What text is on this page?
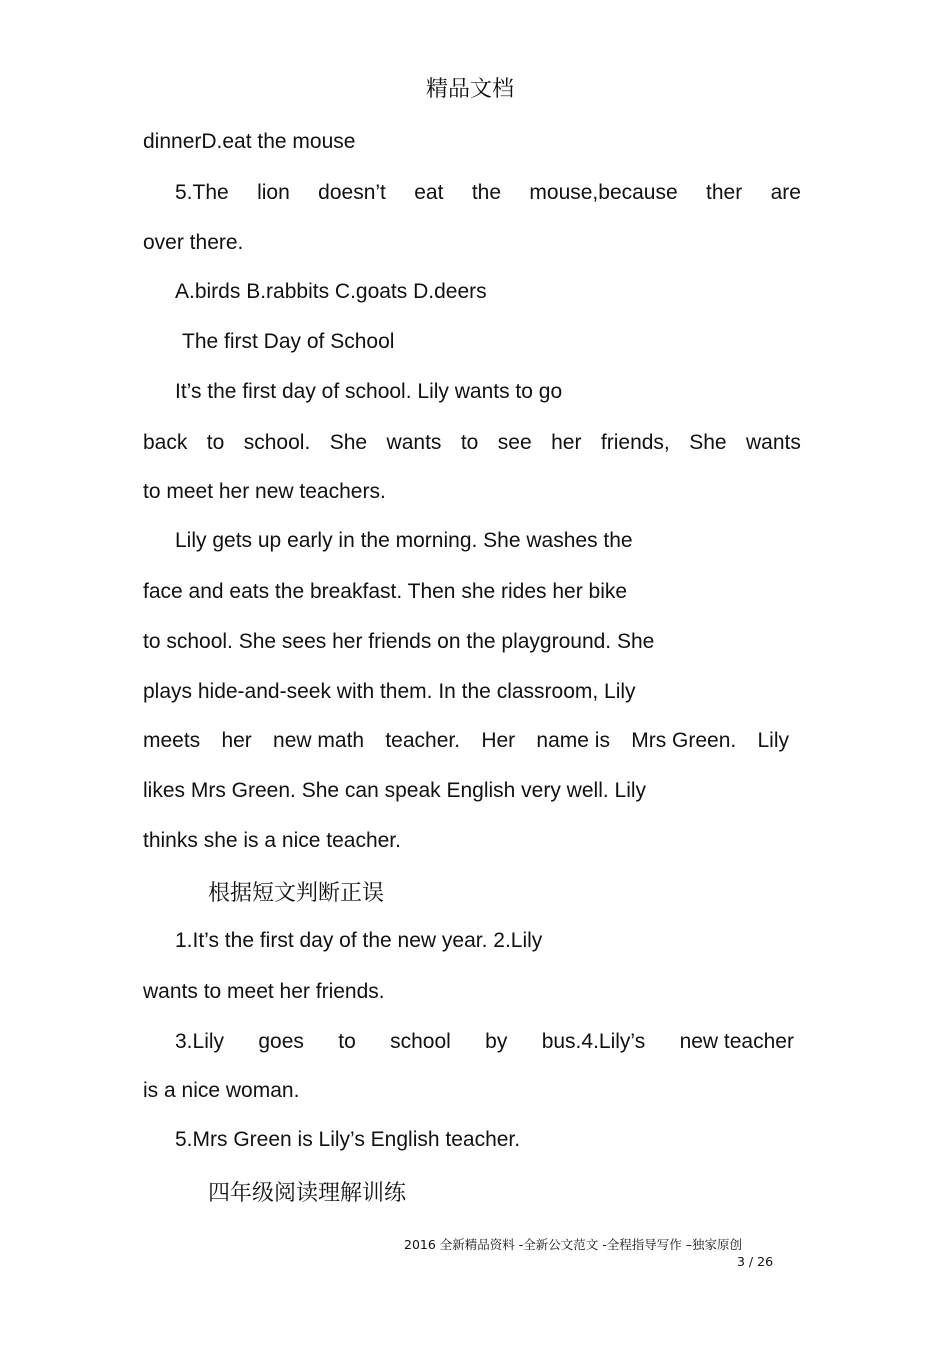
精品文档
dinnerD.eat the mouse
5.The lion doesn’t eat the mouse,because ther are
over there.
A.birds B.rabbits C.goats D.deers
The first Day of School
It’s the first day of school. Lily wants to go
back to school. She wants to see her friends, She wants
to meet her new teachers.
Lily gets up early in the morning. She washes the
face and eats the breakfast. Then she rides her bike
to school. She sees her friends on the playground. She
plays hide-and-seek with them. In the classroom, Lily
meets her new math teacher. Her name is Mrs Green. Lily
likes Mrs Green. She can speak English very well. Lily
thinks she is a nice teacher.
根据短文判断正误
1.It’s the first day of the new year. 2.Lily
wants to meet her friends.
3.Lily goes to school by bus.4.Lily’s new teacher
is a nice woman.
5.Mrs Green is Lily’s English teacher.
四年级阅读理解训练
2016 全新精品资料 -全新公文范文 -全程指导写作 –独家原创
3 / 26
